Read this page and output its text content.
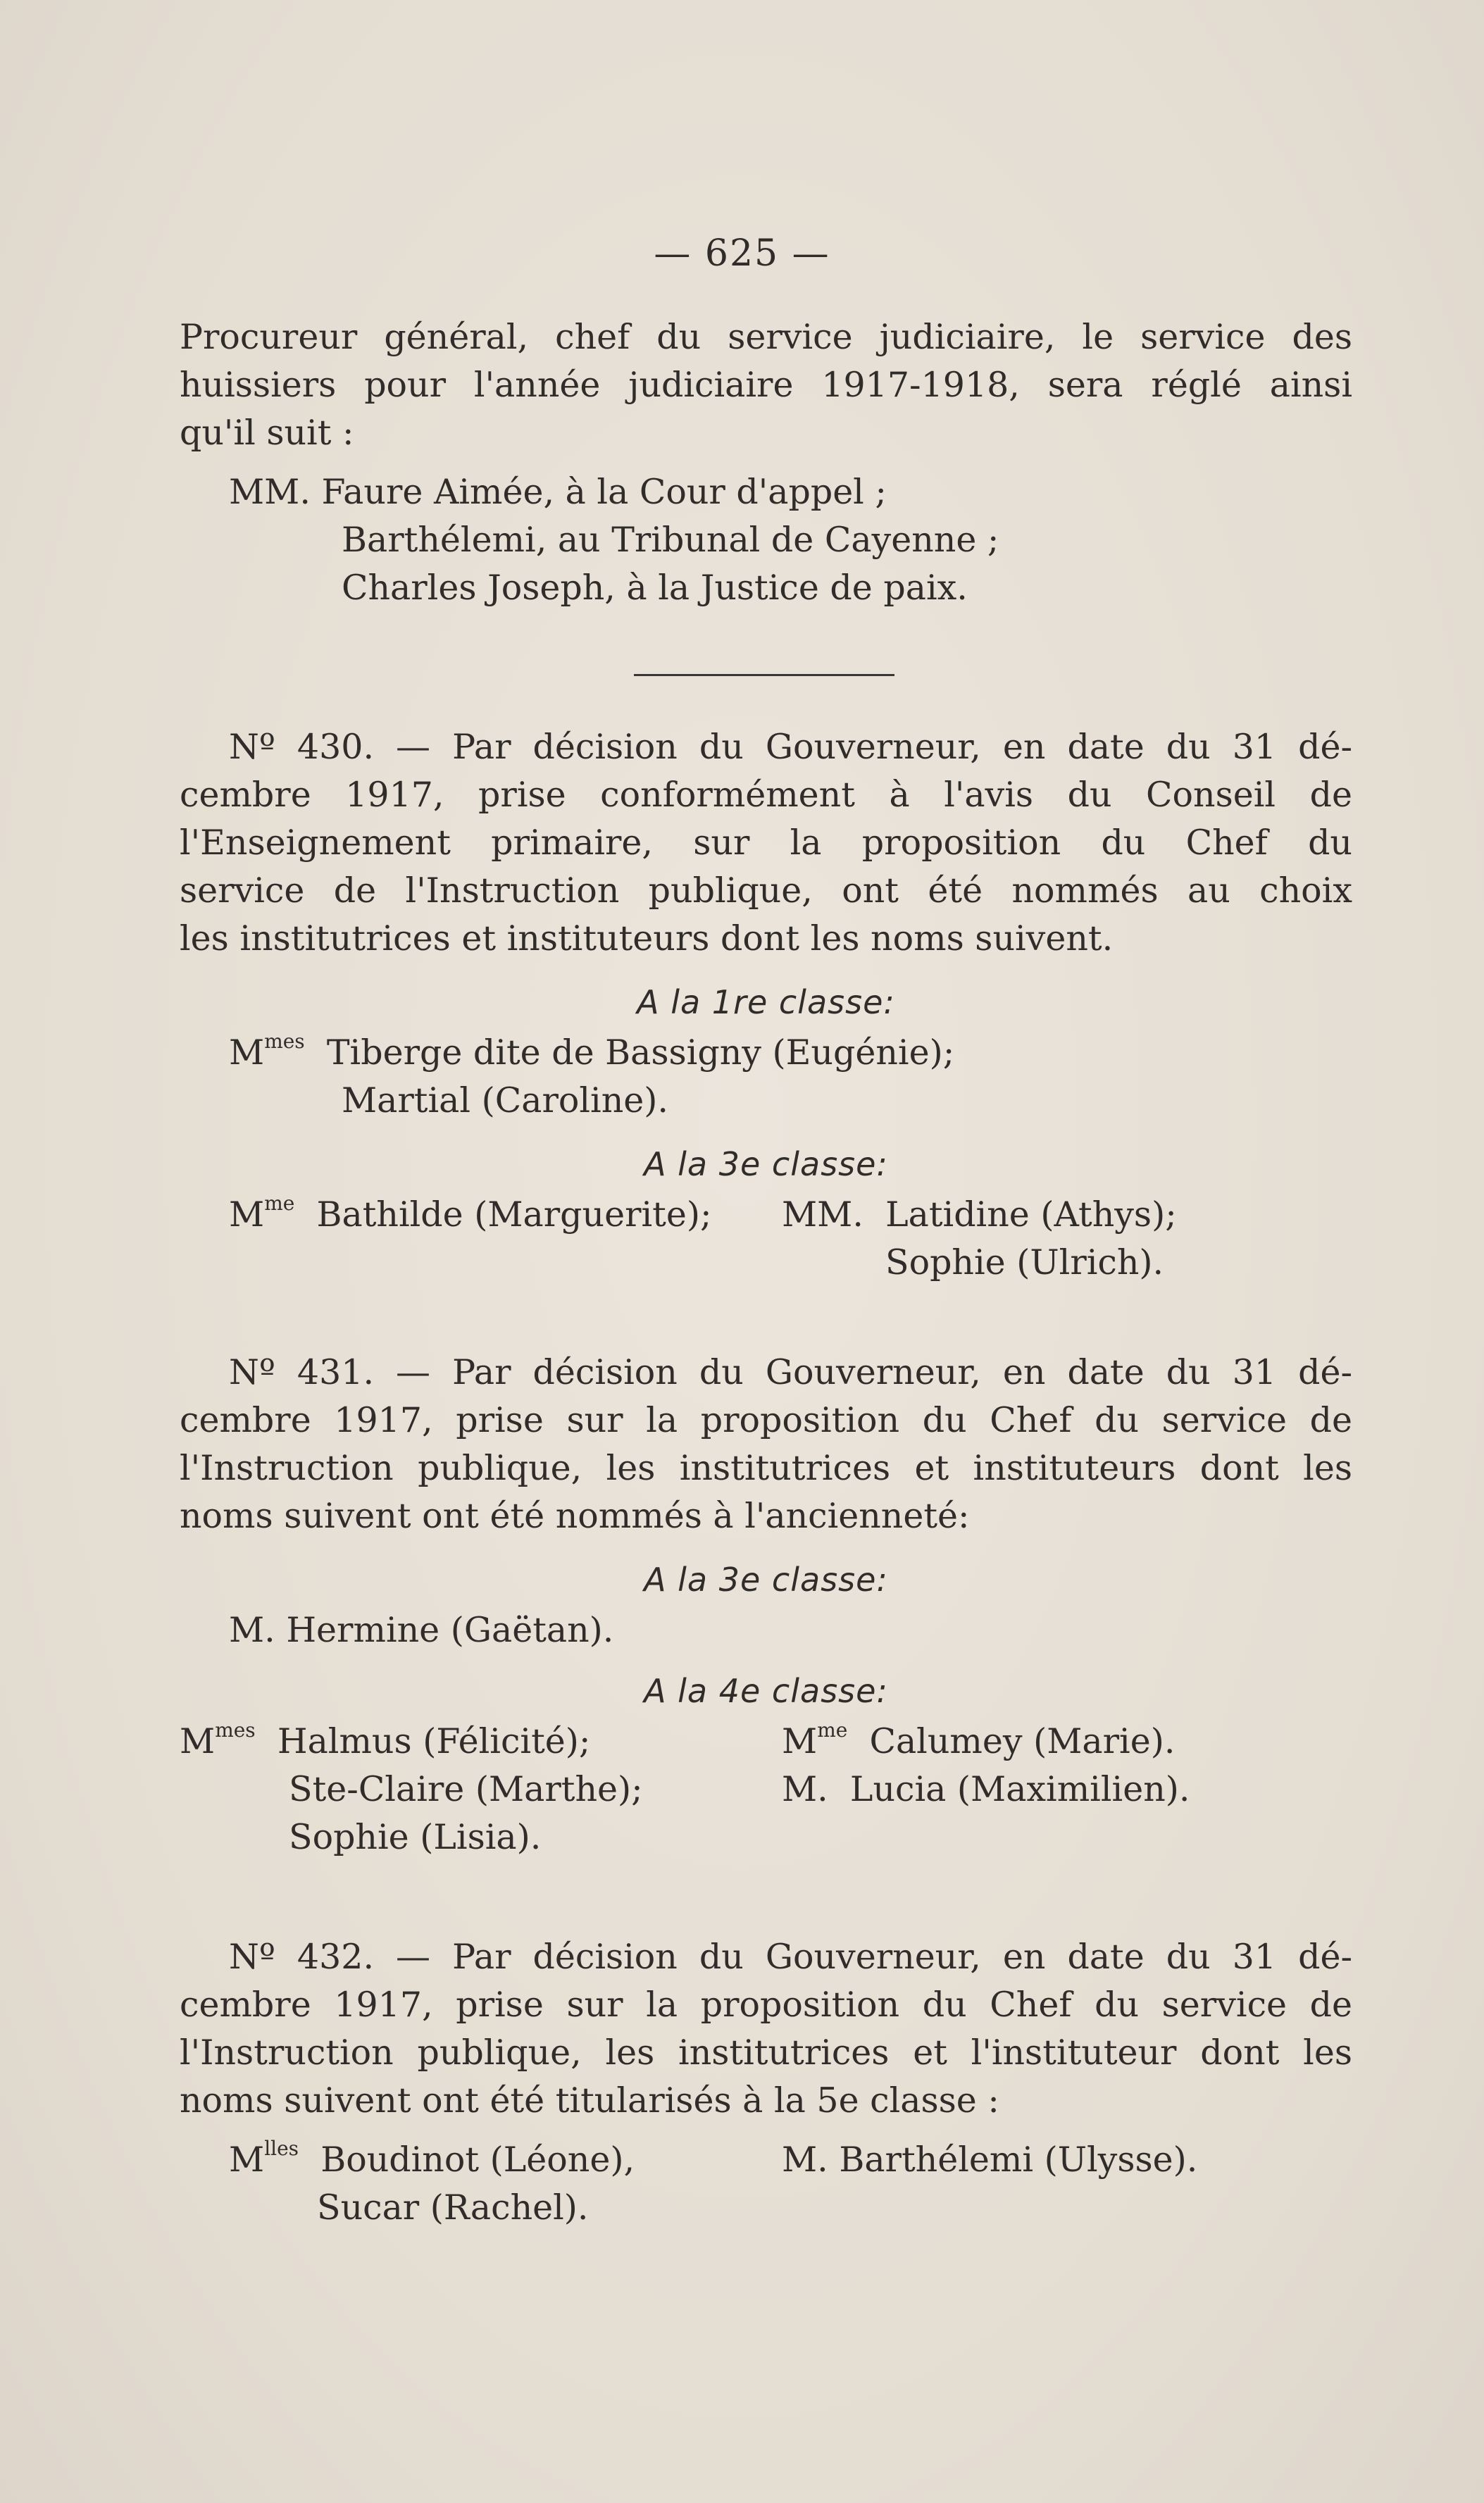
— 625 —
Procureur général, chef du service judiciaire, le service des
huissiers pour l'année judiciaire 1917-1918, sera réglé ainsi
qu'il suit :
MM. Faure Aimée, à la Cour d'appel ;
Barthélemi, au Tribunal de Cayenne ;
Charles Joseph, à la Justice de paix.
Nº 430. — Par décision du Gouverneur, en date du 31 dé-
cembre 1917, prise conformément à l'avis du Conseil de
l'Enseignement primaire, sur la proposition du Chef du
service de l'Instruction publique, ont été nommés au choix
les institutrices et instituteurs dont les noms suivent.
A la 1re classe:
$M^{mes}$ Tiberge dite de Bassigny (Eugénie);
Martial (Caroline).
A la 3e classe:
$M^{me}$ Bathilde (Marguerite);	MM. Latidine (Athys);
Sophie (Ulrich).
Nº 431. — Par décision du Gouverneur, en date du 31 dé-
cembre 1917, prise sur la proposition du Chef du service de
l'Instruction publique, les institutrices et instituteurs dont les
noms suivent ont été nommés à l'ancienneté:
A la 3e classe:
M. Hermine (Gaëtan).
A la 4e classe:
$M^{mes}$ Halmus (Félicité);
Ste-Claire (Marthe);
Sophie (Lisia).
$M^{me}$ Calumey (Marie).
M. Lucia (Maximilien).
Nº 432. — Par décision du Gouverneur, en date du 31 dé-
cembre 1917, prise sur la proposition du Chef du service de
l'Instruction publique, les institutrices et l'instituteur dont les
noms suivent ont été titularisés à la 5e classe :
$M^{lles}$ Boudinot (Léone),
Sucar (Rachel).
M. Barthélemi (Ulysse).
